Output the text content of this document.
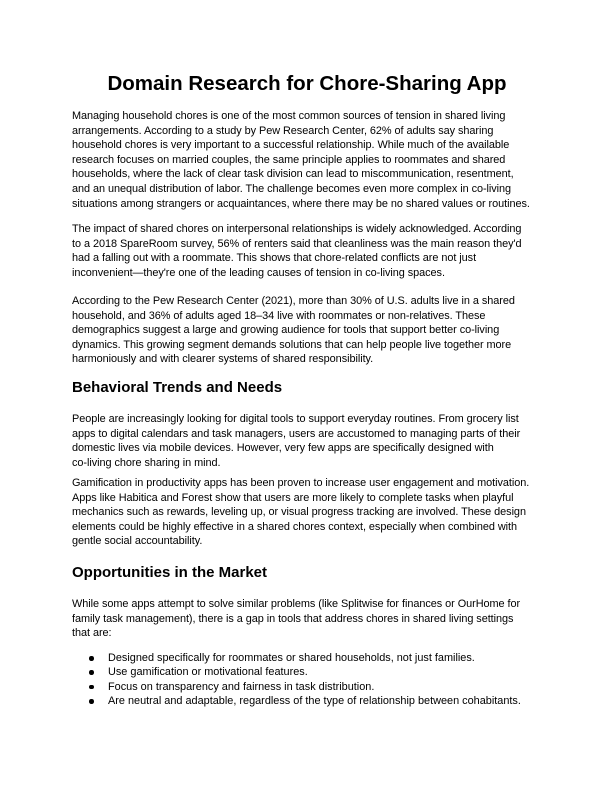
Domain Research for Chore-Sharing App

Managing household chores is one of the most common sources of tension in shared living
arrangements. According to a study by Pew Research Center, 62% of adults say sharing
household chores is very important to a successful relationship. While much of the available
research focuses on married couples, the same principle applies to roommates and shared
households, where the lack of clear task division can lead to miscommunication, resentment,
and an unequal distribution of labor. The challenge becomes even more complex in co-living
situations among strangers or acquaintances, where there may be no shared values or routines.

The impact of shared chores on interpersonal relationships is widely acknowledged. According
to a 2018 SpareRoom survey, 56% of renters said that cleanliness was the main reason they'd
had a falling out with a roommate. This shows that chore-related conflicts are not just
inconvenient—they're one of the leading causes of tension in co-living spaces.

According to the Pew Research Center (2021), more than 30% of U.S. adults live in a shared
household, and 36% of adults aged 18–34 live with roommates or non-relatives. These
demographics suggest a large and growing audience for tools that support better co-living
dynamics. This growing segment demands solutions that can help people live together more
harmoniously and with clearer systems of shared responsibility.

Behavioral Trends and Needs

People are increasingly looking for digital tools to support everyday routines. From grocery list
apps to digital calendars and task managers, users are accustomed to managing parts of their
domestic lives via mobile devices. However, very few apps are specifically designed with
co-living chore sharing in mind.

Gamification in productivity apps has been proven to increase user engagement and motivation.
Apps like Habitica and Forest show that users are more likely to complete tasks when playful
mechanics such as rewards, leveling up, or visual progress tracking are involved. These design
elements could be highly effective in a shared chores context, especially when combined with
gentle social accountability.

Opportunities in the Market

While some apps attempt to solve similar problems (like Splitwise for finances or OurHome for
family task management), there is a gap in tools that address chores in shared living settings
that are:

Designed specifically for roommates or shared households, not just families.
Use gamification or motivational features.
Focus on transparency and fairness in task distribution.
Are neutral and adaptable, regardless of the type of relationship between cohabitants.
